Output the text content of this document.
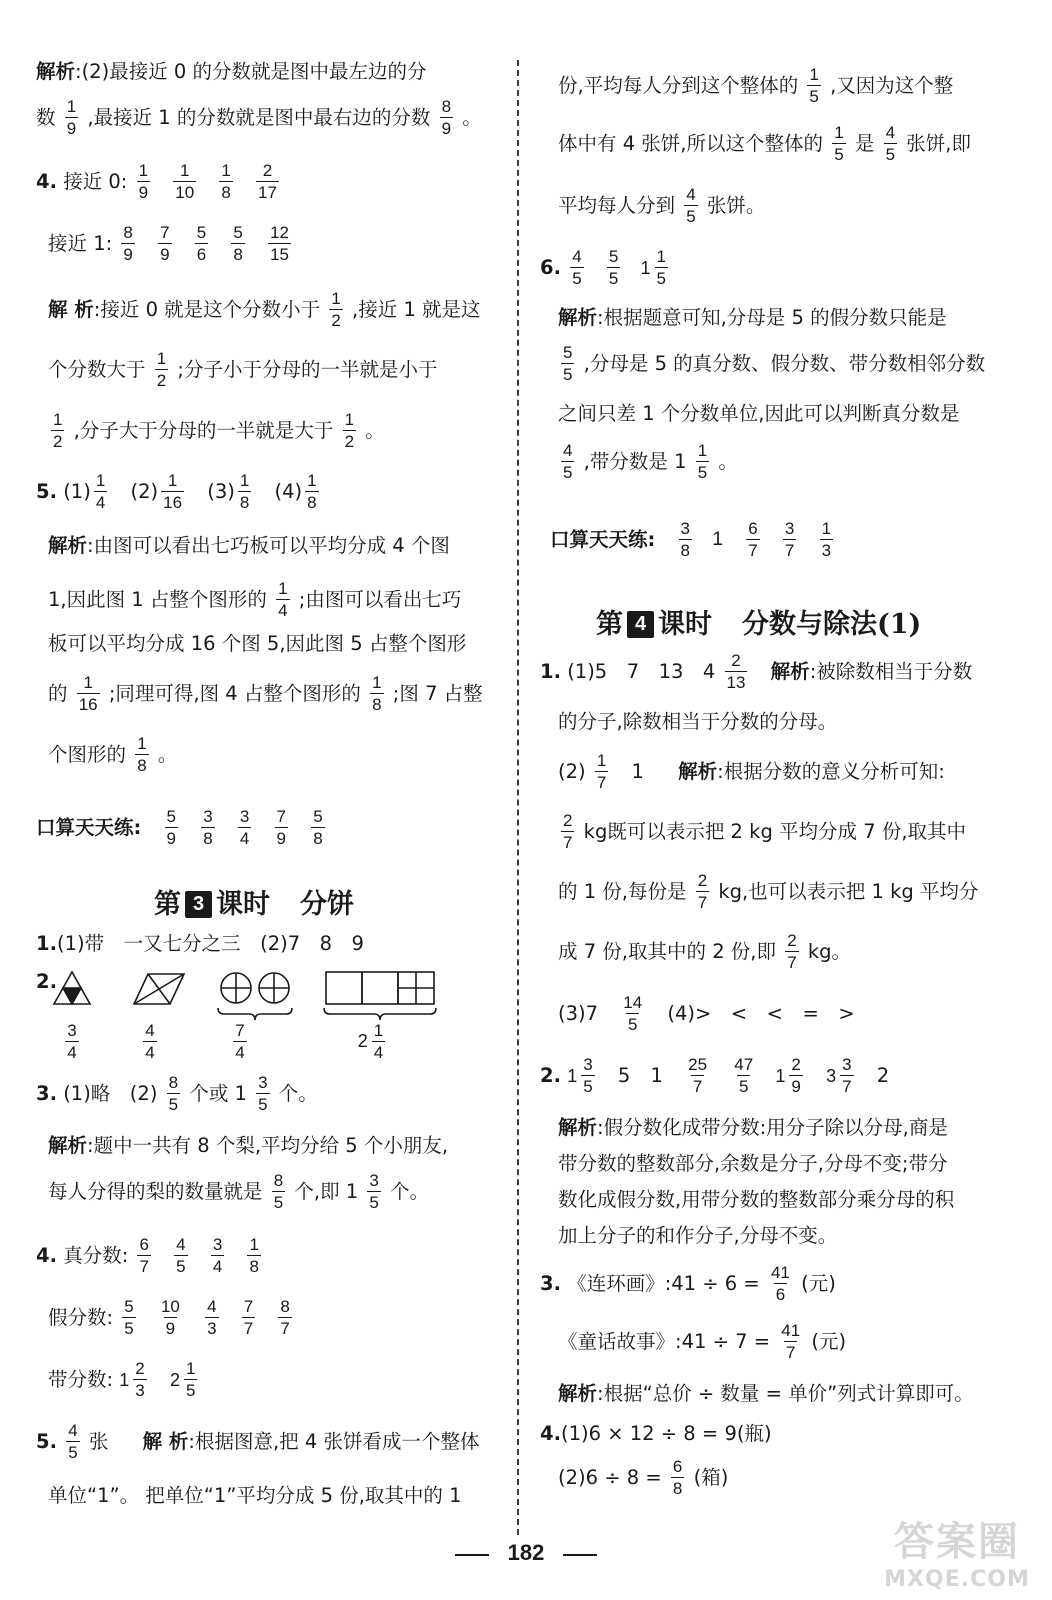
解析:(2)最接近 0 的分数就是图中最左边的分
数 $\frac{1}{9}$ ,最接近 1 的分数就是图中最右边的分数 $\frac{8}{9}$ 。
4. 接近 0: $\frac{1}{9}$
$\frac{1}{10}$
$\frac{1}{8}$
$\frac{2}{17}$
接近 1: $\frac{8}{9}$
$\frac{7}{9}$
$\frac{5}{6}$
$\frac{5}{8}$
$\frac{12}{15}$
解 析:接近 0 就是这个分数小于 $\frac{1}{2}$ ,接近 1 就是这
个分数大于 $\frac{1}{2}$ ;分子小于分母的一半就是小于
$\frac{1}{2}$ ,分子大于分母的一半就是大于 $\frac{1}{2}$ 。
5. $(1) \frac{1}{4} (2) \frac{1}{16} (3) \frac{1}{8} (4) \frac{1}{8}$
解析:由图可以看出七巧板可以平均分成 4 个图
1,因此图 1 占整个图形的 $\frac{1}{4}$ ;由图可以看出七巧
板可以平均分成 16 个图 5,因此图 5 占整个图形
的 $\frac{1}{16}$ ;同理可得,图 4 占整个图形的 $\frac{1}{8}$ ;图 7 占整
个图形的 $\frac{1}{8}$ 。
口算天天练: $\frac{5}{9}$
$\frac{3}{8}$
$\frac{3}{4}$
$\frac{7}{9}$
$\frac{5}{8}$
第 3 课时 分饼
1.(1)带　一又七分之三　(2)7　8　9
2.
$\frac{3}{4}$	$\frac{4}{4}$	$\frac{7}{4}$	2
1
4
3. (1)略　$(2) \frac{8}{5}$ 个或 $1 \frac{3}{5}$ 个。
解析:题中一共有 8 个梨,平均分给 5 个小朋友,
每人分得的梨的数量就是 $\frac{8}{5}$ 个,即 $1 \frac{3}{5}$ 个。
4. 真分数: $\frac{6}{7}$
$\frac{4}{5}$
$\frac{3}{4}$
$\frac{1}{8}$
假分数: $\frac{5}{5}$
$\frac{10}{9}$
$\frac{4}{3}$
$\frac{7}{7}$
$\frac{8}{7}$
带分数: 1
2
3

2
1
5
5. $\frac{4}{5}$ 张 解 析:根据图意,把 4 张饼看成一个整体
单位“1”。 把单位“1”平均分成 5 份,取其中的 1
份,平均每人分到这个整体的 $\frac{1}{5}$ ,又因为这个整
体中有 4 张饼,所以这个整体的 $\frac{1}{5}$ 是 $\frac{4}{5}$ 张饼,即
平均每人分到 $\frac{4}{5}$ 张饼。
6. $\frac{4}{5}$
$\frac{5}{5}$
1
1
5
解析:根据题意可知,分母是 5 的假分数只能是
$\frac{5}{5}$ ,分母是 5 的真分数、假分数、带分数相邻分数
之间只差 1 个分数单位,因此可以判断真分数是
$\frac{4}{5}$ ,带分数是 $1 \frac{1}{5}$ 。
口算天天练: $\frac{3}{8} 1 \frac{6}{7}$
$\frac{3}{7}$
$\frac{1}{3}$
第 4 课时 分数与除法(1)
1. (1)5　7　13　$4 \frac{2}{13}$ 解析:被除数相当于分数
的分子,除数相当于分数的分母。
$(2) \frac{1}{7} 1$ 解析:根据分数的意义分析可知:
$\frac{2}{7}$ kg既可以表示把 2 kg 平均分成 7 份,取其中
的 1 份,每份是 $\frac{2}{7}$ kg,也可以表示把 1 kg 平均分
成 7 份,取其中的 2 份,即 $\frac{2}{7}$ kg。
$(3)7 \frac{14}{5} (4)>$　<　<　=　>
2. 1
3
5 5 $1 \frac{25}{7}$
$\frac{47}{5}$
1
2
9

3
3
7 2
解析:假分数化成带分数:用分子除以分母,商是
带分数的整数部分,余数是分子,分母不变;带分
数化成假分数,用带分数的整数部分乘分母的积
加上分子的和作分子,分母不变。
3. 《连环画》:41 ÷ $6 = \frac{41}{6}$ (元)
《童话故事》:41 ÷ $7 = \frac{41}{7}$ (元)
解析:根据“总价 ÷ 数量 = 单价”列式计算即可。
4.(1)6 × 12 ÷ 8 = 9(瓶)
$(2)6 \div 8 = \frac{6}{8}$ (箱)
182	答案圈
MXQE.COM
